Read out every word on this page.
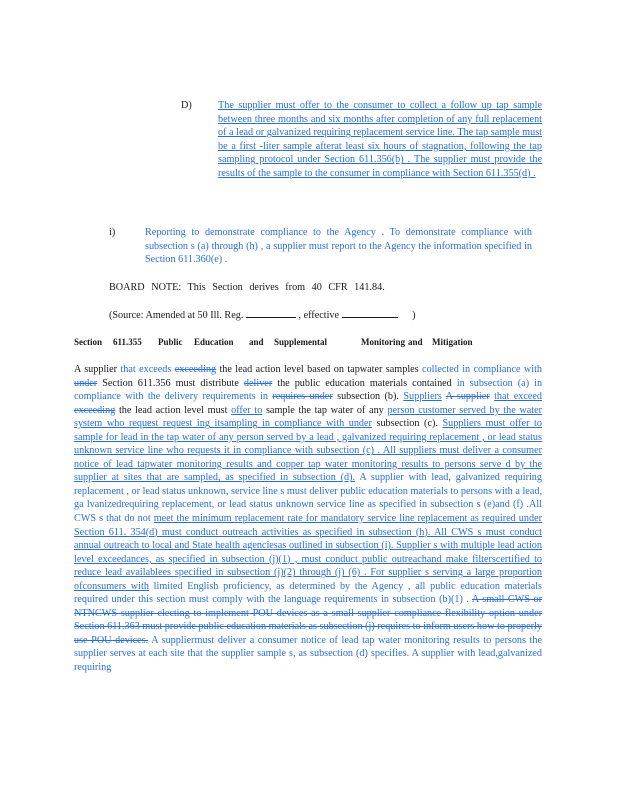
D)	The supplier must offer to the consumer to collect a follow up tap sample between three months and six months after completion of any full replacement of a lead or galvanized requiring replacement service line. The tap sample must be a first -liter sample afterat least six hours of stagnation, following the tap sampling protocol under Section 611.356(b) . The supplier must provide the results of the sample to the consumer in compliance with Section 611.355(d) .
i)	Reporting to demonstrate compliance to the Agency . To demonstrate compliance with subsection s (a) through (h) , a supplier must report to the Agency the information specified in Section 611.360(e) .
BOARD NOTE: This Section derives from 40 CFR 141.84.
(Source: Amended at 50 Ill. Reg.	, effective	)
Section 611.355 Public Education and Supplemental	Monitoring and Mitigation
A supplier that exceeds exceeding the lead action level based on tapwater samples collected in compliance with under Section 611.356 must distribute deliver the public education materials contained in subsection (a) in compliance with the delivery requirements in requires under subsection (b). Suppliers A supplier that exceed exceeding the lead action level must offer to sample the tap water of any person customer served by the water system who request request ing itsampling in compliance with under subsection (c). Suppliers must offer to sample for lead in the tap water of any person served by a lead , galvanized requiring replacement , or lead status unknown service line who requests it in compliance with subsection (c) . All suppliers must deliver a consumer notice of lead tapwater monitoring results and copper tap water monitoring results to persons serve d by the supplier at sites that are sampled, as specified in subsection (d). A supplier with lead, galvanized requiring replacement , or lead status unknown, service line s must deliver public education materials to persons with a lead, ga lvanizedrequiring replacement, or lead status unknown service line as specified in subsection s (e)and (f) .All CWS s that do not meet the minimum replacement rate for mandatory service line replacement as required under Section 611. 354(d) must conduct outreach activities as specified in subsection (h). All CWS s must conduct annual outreach to local and State health agenciesas outlined in subsection (i). Supplier s with multiple lead action level exceedances, as specified in subsection (j)(1) , must conduct public outreachand make filterscertified to reduce lead availablees specified in subsection (j)(2) through (j) (6) . For supplier s serving a large proportion ofconsumers with limited English proficiency, as determined by the Agency , all public education materials required under this section must comply with the language requirements in subsection (b)(1) . A small CWS or NTNCWS supplier electing to implement POU devices as a small supplier compliance flexibility option under Section 611.363 must provide public education materials as subsection (j) requires to inform users how to properly use POU devices. A suppliermust deliver a consumer notice of lead tap water monitoring results to persons the supplier serves at each site that the supplier sample s, as subsection (d) specifies. A supplier with lead,galvanized requiring
